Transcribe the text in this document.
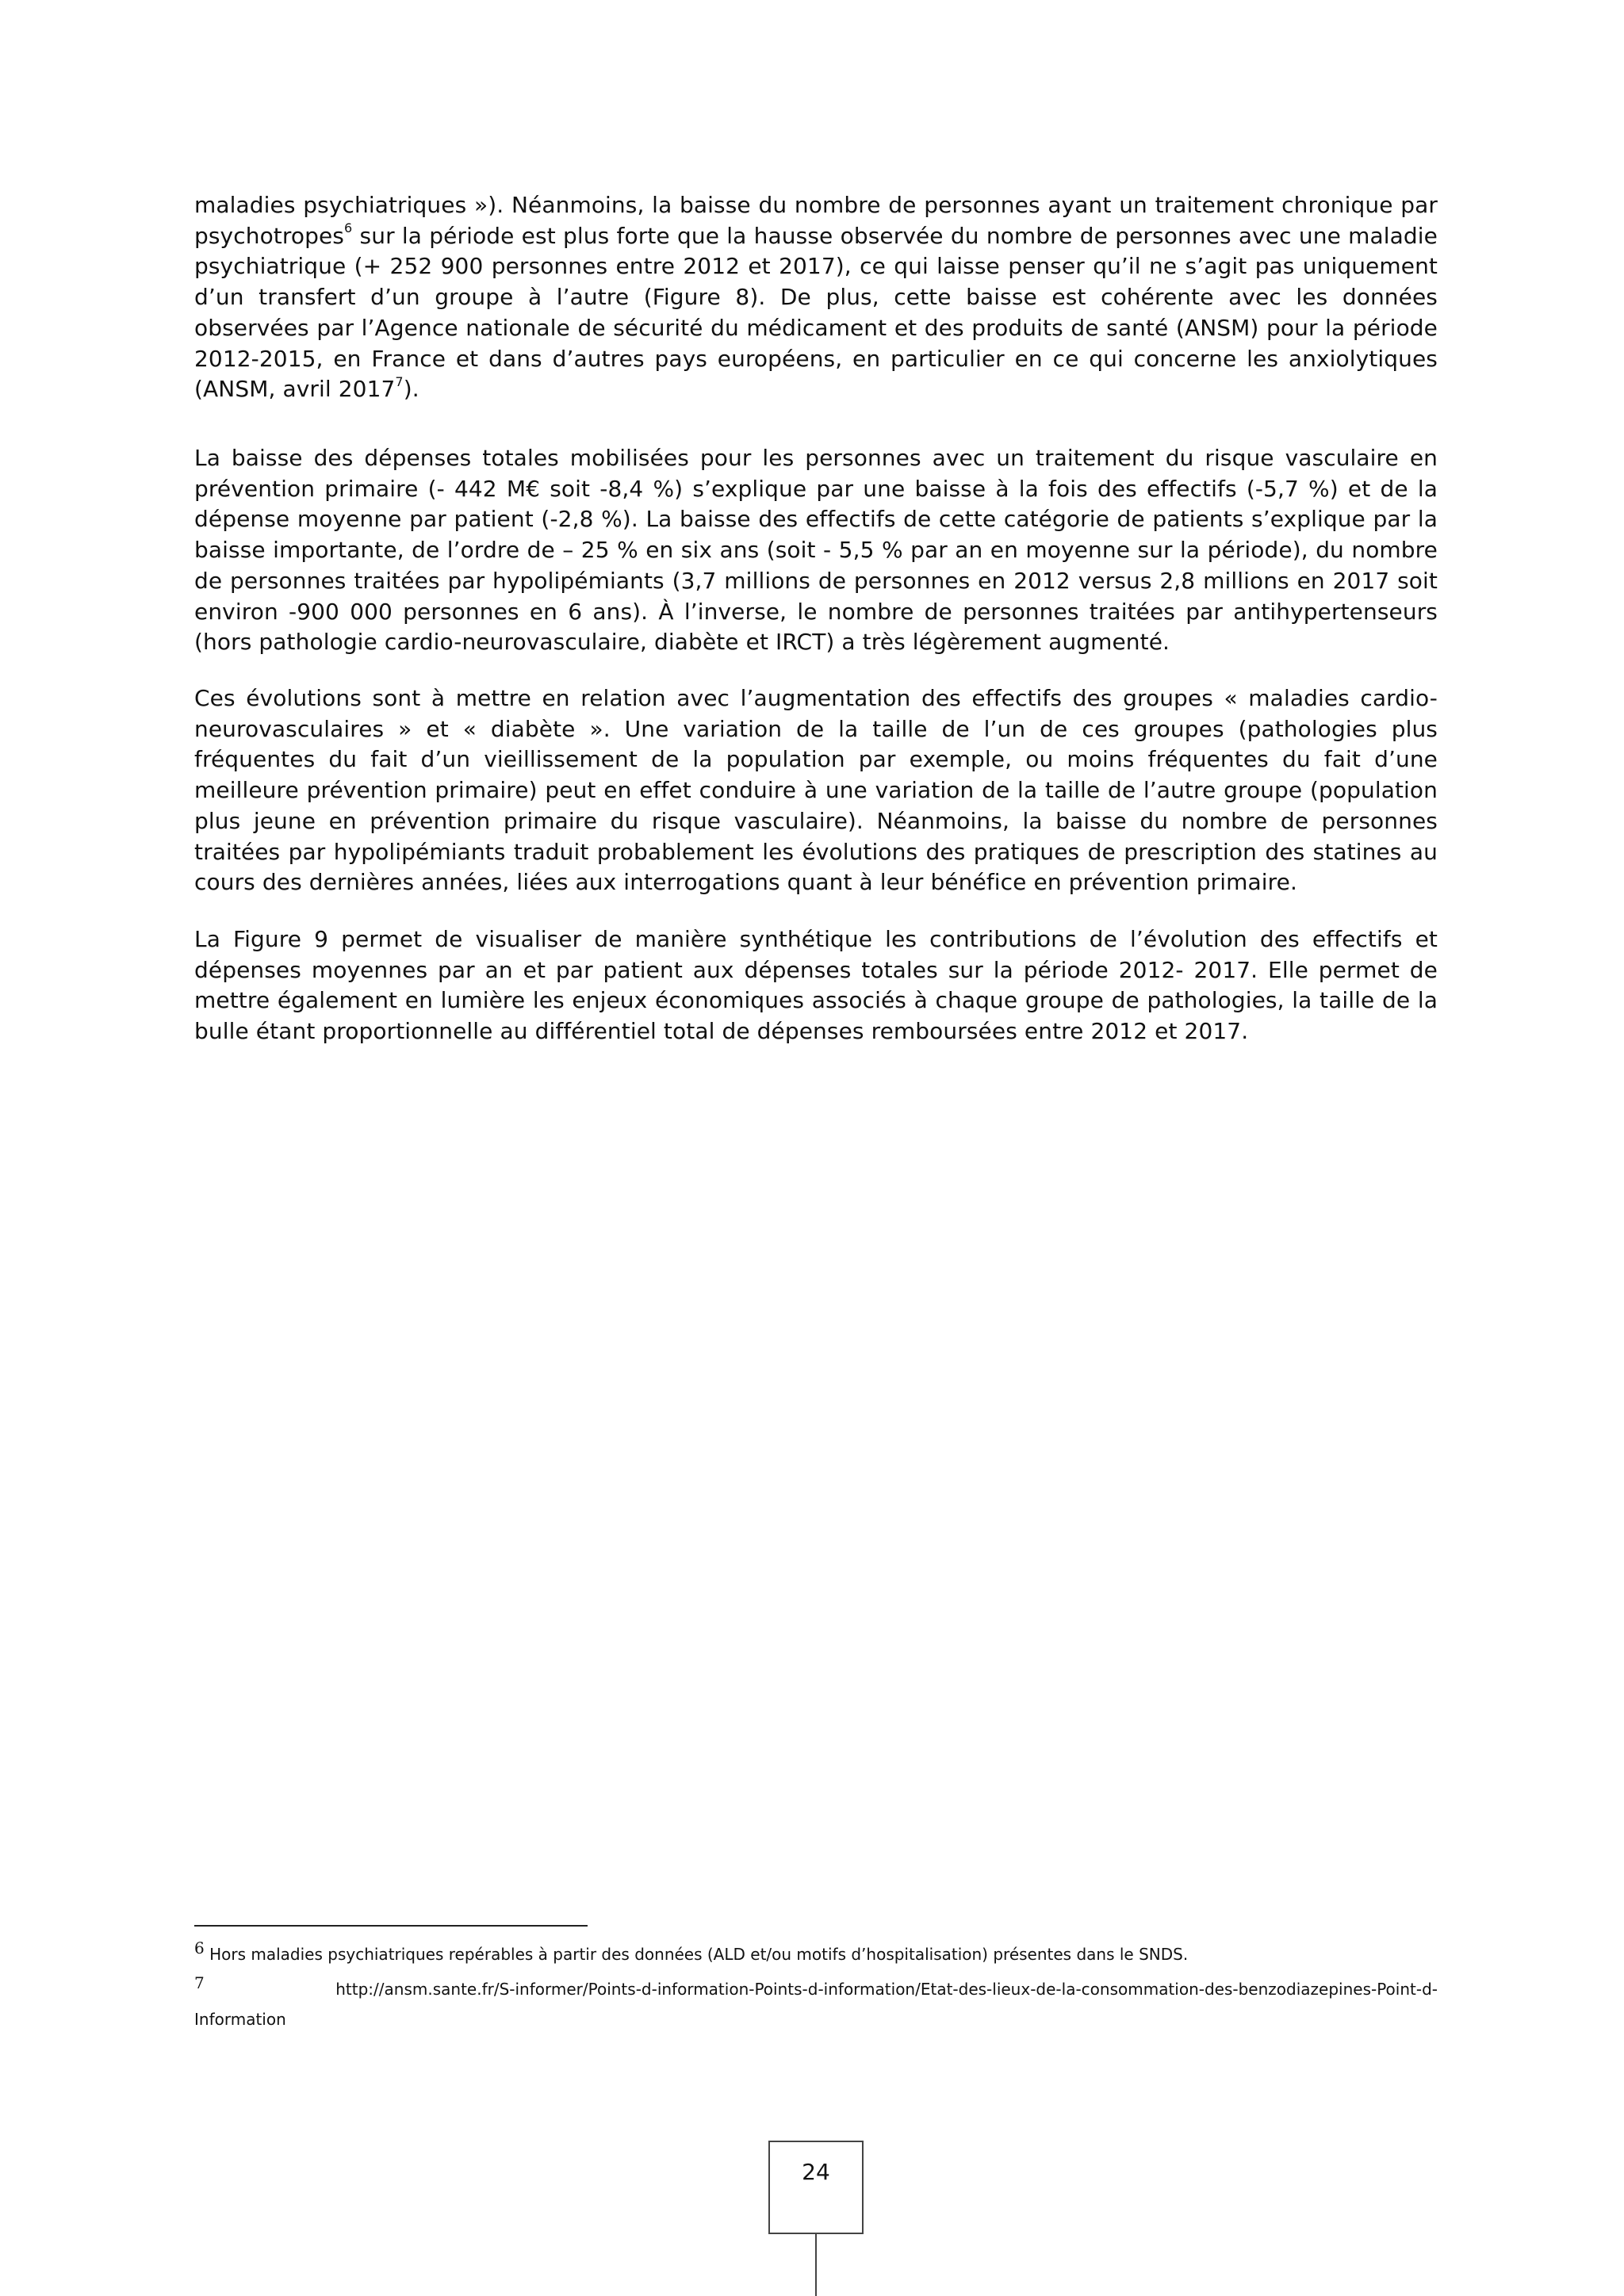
maladies psychiatriques »). Néanmoins, la baisse du nombre de personnes ayant un traitement chronique par psychotropes$^6$ sur la période est plus forte que la hausse observée du nombre de personnes avec une maladie psychiatrique (+ 252 900 personnes entre 2012 et 2017), ce qui laisse penser qu’il ne s’agit pas uniquement d’un transfert d’un groupe à l’autre (Figure 8). De plus, cette baisse est cohérente avec les données observées par l’Agence nationale de sécurité du médicament et des produits de santé (ANSM) pour la période 2012-2015, en France et dans d’autres pays européens, en particulier en ce qui concerne les anxiolytiques (ANSM, avril 2017$^7$).

La baisse des dépenses totales mobilisées pour les personnes avec un traitement du risque vasculaire en prévention primaire (- 442 M€ soit -8,4 %) s’explique par une baisse à la fois des effectifs (-5,7 %) et de la dépense moyenne par patient (-2,8 %). La baisse des effectifs de cette catégorie de patients s’explique par la baisse importante, de l’ordre de – 25 % en six ans (soit - 5,5 % par an en moyenne sur la période), du nombre de personnes traitées par hypolipémiants (3,7 millions de personnes en 2012 versus 2,8 millions en 2017 soit environ -900 000 personnes en 6 ans). À l’inverse, le nombre de personnes traitées par antihypertenseurs (hors pathologie cardio-neurovasculaire, diabète et IRCT) a très légèrement augmenté.

Ces évolutions sont à mettre en relation avec l’augmentation des effectifs des groupes « maladies cardio-neurovasculaires » et « diabète ». Une variation de la taille de l’un de ces groupes (pathologies plus fréquentes du fait d’un vieillissement de la population par exemple, ou moins fréquentes du fait d’une meilleure prévention primaire) peut en effet conduire à une variation de la taille de l’autre groupe (population plus jeune en prévention primaire du risque vasculaire). Néanmoins, la baisse du nombre de personnes traitées par hypolipémiants traduit probablement les évolutions des pratiques de prescription des statines au cours des dernières années, liées aux interrogations quant à leur bénéfice en prévention primaire.

La Figure 9 permet de visualiser de manière synthétique les contributions de l’évolution des effectifs et dépenses moyennes par an et par patient aux dépenses totales sur la période 2012- 2017. Elle permet de mettre également en lumière les enjeux économiques associés à chaque groupe de pathologies, la taille de la bulle étant proportionnelle au différentiel total de dépenses remboursées entre 2012 et 2017.

6 Hors maladies psychiatriques repérables à partir des données (ALD et/ou motifs d’hospitalisation) présentes dans le SNDS.

7	http://ansm.sante.fr/S-informer/Points-d-information-Points-d-information/Etat-des-lieux-de-la-consommation-des-benzodiazepines-Point-d-
Information
24
